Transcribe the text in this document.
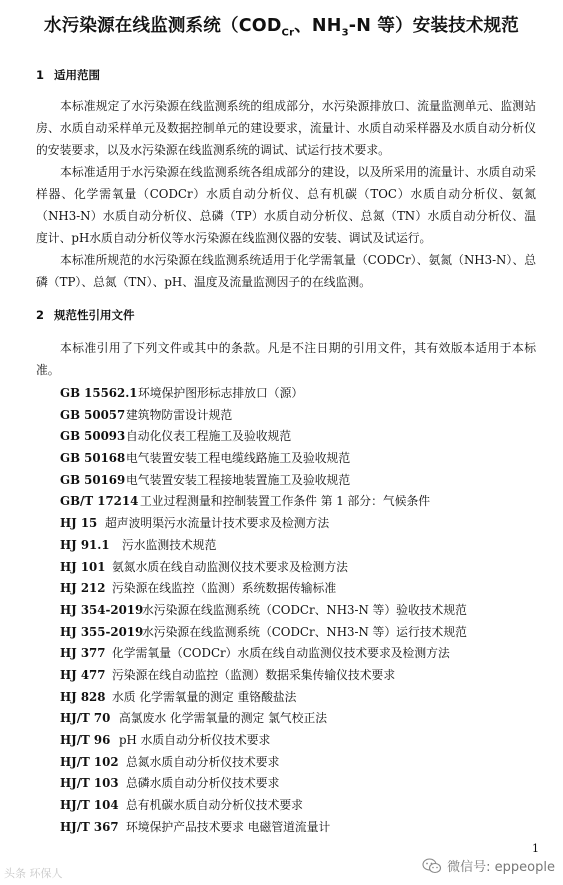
水污染源在线监测系统（$COD_{Cr}$、$NH_3-N$ 等）安装技术规范
1 适用范围
本标准规定了水污染源在线监测系统的组成部分，水污染源排放口、流量监测单元、监测站房、水质自动采样单元及数据控制单元的建设要求，流量计、水质自动采样器及水质自动分析仪的安装要求，以及水污染源在线监测系统的调试、试运行技术要求。
本标准适用于水污染源在线监测系统各组成部分的建设，以及所采用的流量计、水质自动采样器、化学需氧量（CODCr）水质自动分析仪、总有机碳（TOC）水质自动分析仪、氨氮（NH3-N）水质自动分析仪、总磷（TP）水质自动分析仪、总氮（TN）水质自动分析仪、温度计、pH水质自动分析仪等水污染源在线监测仪器的安装、调试及试运行。
本标准所规范的水污染源在线监测系统适用于化学需氧量（CODCr）、氨氮（NH3-N）、总磷（TP）、总氮（TN）、pH、温度及流量监测因子的在线监测。
2 规范性引用文件
本标准引用了下列文件或其中的条款。凡是不注日期的引用文件，其有效版本适用于本标准。
GB 15562.1环境保护图形标志排放口（源）
GB 50057建筑物防雷设计规范
GB 50093自动化仪表工程施工及验收规范
GB 50168电气装置安装工程电缆线路施工及验收规范
GB 50169电气装置安装工程接地装置施工及验收规范
GB/T 17214 工业过程测量和控制装置工作条件 第 1 部分：气候条件
HJ 15 超声波明渠污水流量计技术要求及检测方法
HJ 91.1 污水监测技术规范
HJ 101 氨氮水质在线自动监测仪技术要求及检测方法
HJ 212 污染源在线监控（监测）系统数据传输标准
HJ 354-2019水污染源在线监测系统（CODCr、NH3-N 等）验收技术规范
HJ 355-2019水污染源在线监测系统（CODCr、NH3-N 等）运行技术规范
HJ 377 化学需氧量（CODCr）水质在线自动监测仪技术要求及检测方法
HJ 477 污染源在线自动监控（监测）数据采集传输仪技术要求
HJ 828 水质 化学需氧量的测定 重铬酸盐法
HJ/T 70 高氯废水 化学需氧量的测定 氯气校正法
HJ/T 96 pH 水质自动分析仪技术要求
HJ/T 102 总氮水质自动分析仪技术要求
HJ/T 103 总磷水质自动分析仪技术要求
HJ/T 104 总有机碳水质自动分析仪技术要求
HJ/T 367 环境保护产品技术要求 电磁管道流量计
1
头条 环保人	微信号: eppeople
